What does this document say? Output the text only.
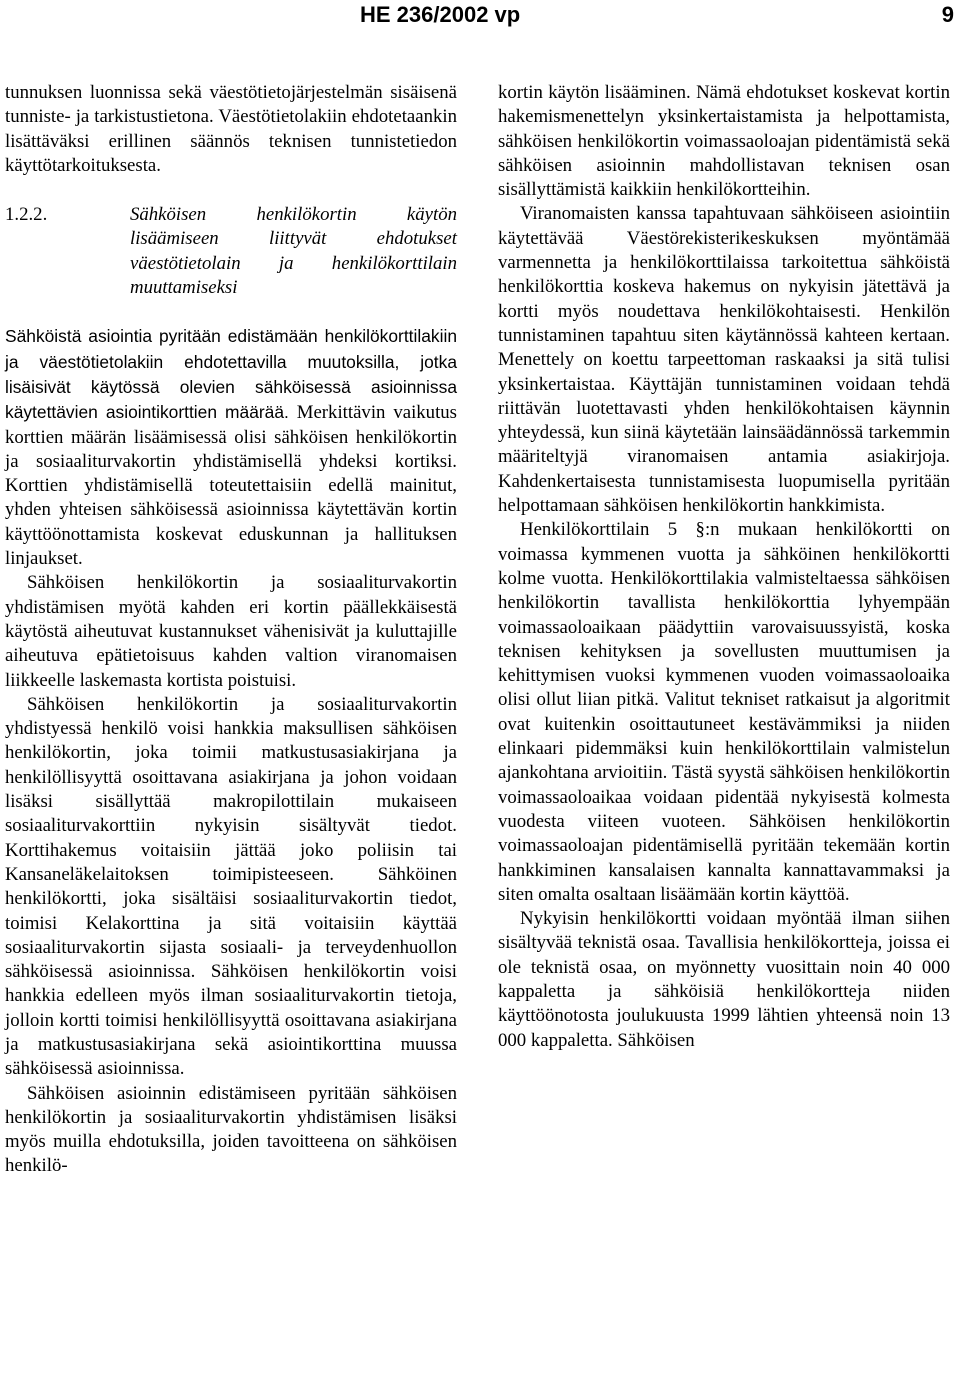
HE 236/2002 vp	9

tunnuksen luonnissa sekä väestötietojärjestelmän sisäisenä tunniste- ja tarkistustietona. Väestötietolakiin ehdotetaankin lisättäväksi erillinen säännös teknisen tunnistetiedon käyttötarkoituksesta.

1.2.2.	Sähköisen henkilökortin käytön lisäämiseen liittyvät ehdotukset väestötietolain ja henkilökorttilain muuttamiseksi

Sähköistä asiointia pyritään edistämään henkilökorttilakiin ja väestötietolakiin ehdotettavilla muutoksilla, jotka lisäisivät käytössä olevien sähköisessä asioinnissa käytettävien asiointikorttien määrää. Merkittävin vaikutus korttien määrän lisäämisessä olisi sähköisen henkilökortin ja sosiaaliturvakortin yhdistämisellä yhdeksi kortiksi. Korttien yhdistämisellä toteutettaisiin edellä mainitut, yhden yhteisen sähköisessä asioinnissa käytettävän kortin käyttöönottamista koskevat eduskunnan ja hallituksen linjaukset.

Sähköisen henkilökortin ja sosiaaliturvakortin yhdistämisen myötä kahden eri kortin päällekkäisestä käytöstä aiheutuvat kustannukset vähenisivät ja kuluttajille aiheutuva epätietoisuus kahden valtion viranomaisen liikkeelle laskemasta kortista poistuisi.

Sähköisen henkilökortin ja sosiaaliturvakortin yhdistyessä henkilö voisi hankkia maksullisen sähköisen henkilökortin, joka toimii matkustusasiakirjana ja henkilöllisyyttä osoittavana asiakirjana ja johon voidaan lisäksi sisällyttää makropilottilain mukaiseen sosiaaliturvakorttiin nykyisin sisältyvät tiedot. Korttihakemus voitaisiin jättää joko poliisin tai Kansaneläkelaitoksen toimipisteeseen. Sähköinen henkilökortti, joka sisältäisi sosiaaliturvakortin tiedot, toimisi Kelakorttina ja sitä voitaisiin käyttää sosiaaliturvakortin sijasta sosiaali- ja terveydenhuollon sähköisessä asioinnissa. Sähköisen henkilökortin voisi hankkia edelleen myös ilman sosiaaliturvakortin tietoja, jolloin kortti toimisi henkilöllisyyttä osoittavana asiakirjana ja matkustusasiakirjana sekä asiointikorttina muussa sähköisessä asioinnissa.

Sähköisen asioinnin edistämiseen pyritään sähköisen henkilökortin ja sosiaaliturvakortin yhdistämisen lisäksi myös muilla ehdotuksilla, joiden tavoitteena on sähköisen henkilö-

kortin käytön lisääminen. Nämä ehdotukset koskevat kortin hakemismenettelyn yksinkertaistamista ja helpottamista, sähköisen henkilökortin voimassaoloajan pidentämistä sekä sähköisen asioinnin mahdollistavan teknisen osan sisällyttämistä kaikkiin henkilökortteihin.

Viranomaisten kanssa tapahtuvaan sähköiseen asiointiin käytettävää Väestörekisterikeskuksen myöntämää varmennetta ja henkilökorttilaissa tarkoitettua sähköistä henkilökorttia koskeva hakemus on nykyisin jätettävä ja kortti myös noudettava henkilökohtaisesti. Henkilön tunnistaminen tapahtuu siten käytännössä kahteen kertaan. Menettely on koettu tarpeettoman raskaaksi ja sitä tulisi yksinkertaistaa. Käyttäjän tunnistaminen voidaan tehdä riittävän luotettavasti yhden henkilökohtaisen käynnin yhteydessä, kun siinä käytetään lainsäädännössä tarkemmin määriteltyjä viranomaisen antamia asiakirjoja. Kahdenkertaisesta tunnistamisesta luopumisella pyritään helpottamaan sähköisen henkilökortin hankkimista.

Henkilökorttilain 5 §:n mukaan henkilökortti on voimassa kymmenen vuotta ja sähköinen henkilökortti kolme vuotta. Henkilökorttilakia valmisteltaessa sähköisen henkilökortin tavallista henkilökorttia lyhyempään voimassaoloaikaan päädyttiin varovaisuussyistä, koska teknisen kehityksen ja sovellusten muuttumisen ja kehittymisen vuoksi kymmenen vuoden voimassaoloaika olisi ollut liian pitkä. Valitut tekniset ratkaisut ja algoritmit ovat kuitenkin osoittautuneet kestävämmiksi ja niiden elinkaari pidemmäksi kuin henkilökorttilain valmistelun ajankohtana arvioitiin. Tästä syystä sähköisen henkilökortin voimassaoloaikaa voidaan pidentää nykyisestä kolmesta vuodesta viiteen vuoteen. Sähköisen henkilökortin voimassaoloajan pidentämisellä pyritään tekemään kortin hankkiminen kansalaisen kannalta kannattavammaksi ja siten omalta osaltaan lisäämään kortin käyttöä.

Nykyisin henkilökortti voidaan myöntää ilman siihen sisältyvää teknistä osaa. Tavallisia henkilökortteja, joissa ei ole teknistä osaa, on myönnetty vuosittain noin 40 000 kappaletta ja sähköisiä henkilökortteja niiden käyttöönotosta joulukuusta 1999 lähtien yhteensä noin 13 000 kappaletta. Sähköisen
